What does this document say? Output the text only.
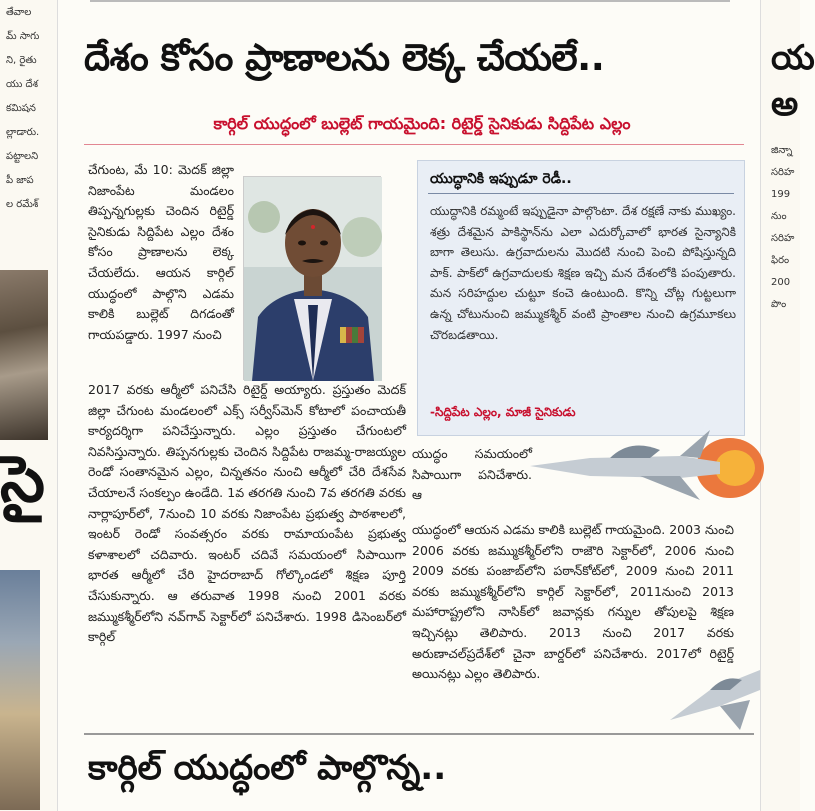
తేవాల
మ్ సాగు
ని, రైతు
యు దేశ
కమిషన
ల్లాడారు.
పట్టాలని
పీ జాప
ల రమేశ్
సై
య
అ
జిన్నా
సరిహ
199
నుం
సరిహ
ఫిరం
200
పొం
దేశం కోసం ప్రాణాలను లెక్క చేయలే..
కార్గిల్ యుద్ధంలో బుల్లెట్ గాయమైంది: రిటైర్డ్ సైనికుడు సిద్దిపేట ఎల్లం
చేగుంట, మే 10: మెదక్ జిల్లా నిజాంపేట మండలం తిప్పన్నగుల్లకు చెందిన రిటైర్డ్ సైనికుడు సిద్దిపేట ఎల్లం దేశం కోసం ప్రాణాలను లెక్క చేయలేదు. ఆయన కార్గిల్ యుద్ధంలో పాల్గొని ఎడమ కాలికి బుల్లెట్ దిగడంతో గాయపడ్డారు. 1997 నుంచి
2017 వరకు ఆర్మీలో పనిచేసి రిటైర్డ్ అయ్యారు. ప్రస్తుతం మెదక్ జిల్లా చేగుంట మండలంలో ఎక్స్ సర్వీస్‌మెన్ కోటాలో పంచాయతీ కార్యదర్శిగా పనిచేస్తున్నారు. ఎల్లం ప్రస్తుతం చేగుంటలో నివసిస్తున్నారు. తిప్పనగుల్లకు చెందిన సిద్దిపేట రాజమ్మ-రాజయ్యల రెండో సంతానమైన ఎల్లం, చిన్నతనం నుంచి ఆర్మీలో చేరి దేశసేవ చేయాలనే సంకల్పం ఉండేది. 1వ తరగతి నుంచి 7వ తరగతి వరకు నార్లాపూర్‌లో, 7నుంచి 10 వరకు నిజాంపేట ప్రభుత్వ పాఠశాలలో, ఇంటర్ రెండో సంవత్సరం వరకు రామాయంపేట ప్రభుత్వ కళాశాలలో చదివారు. ఇంటర్ చదివే సమయంలో సిపాయిగా భారత ఆర్మీలో చేరి హైదరాబాద్ గోల్కొండలో శిక్షణ పూర్తి చేసుకున్నారు. ఆ తరువాత 1998 నుంచి 2001 వరకు జమ్ముకశ్మీర్‌లోని నవ్‌గావ్ సెక్టార్‌లో పనిచేశారు. 1998 డిసెంబర్‌లో కార్గిల్
యుద్ధానికి ఇప్పుడూ రెడీ..
యుద్ధానికి రమ్మంటే ఇప్పుడైనా పాల్గొంటా. దేశ రక్షణే నాకు ముఖ్యం. శత్రు దేశమైన పాకిస్థాన్‌ను ఎలా ఎదుర్కోవాలో భారత సైన్యానికి బాగా తెలుసు. ఉగ్రవాదులను మొదటి నుంచి పెంచి పోషిస్తున్నది పాక్. పాక్‌లో ఉగ్రవాదులకు శిక్షణ ఇచ్చి మన దేశంలోకి పంపుతారు. మన సరిహద్దుల చుట్టూ కంచె ఉంటుంది. కొన్ని చోట్ల గుట్టలుగా ఉన్న చోటునుంచి జమ్ముకశ్మీర్ వంటి ప్రాంతాల నుంచి ఉగ్రమూకలు చొరబడతాయి.
-సిద్దిపేట ఎల్లం, మాజీ సైనికుడు
యుద్ధం సమయంలో సిపాయిగా పనిచేశారు. ఆ
యుద్ధంలో ఆయన ఎడమ కాలికి బుల్లెట్ గాయమైంది. 2003 నుంచి 2006 వరకు జమ్ముకశ్మీర్‌లోని రాజౌరి సెక్టార్‌లో, 2006 నుంచి 2009 వరకు పంజాబ్‌లోని పఠాన్‌కోట్‌లో, 2009 నుంచి 2011 వరకు జమ్ముకశ్మీర్‌లోని కార్గిల్ సెక్టార్‌లో, 2011నుంచి 2013 మహారాష్ట్రలోని నాసిక్‌లో జవాన్లకు గన్నుల తోపులపై శిక్షణ ఇచ్చినట్లు తెలిపారు. 2013 నుంచి 2017 వరకు అరుణాచల్‌ప్రదేశ్‌లో చైనా బార్డర్‌లో పనిచేశారు. 2017లో రిటైర్డ్ అయినట్లు ఎల్లం తెలిపారు.
కార్గిల్ యుద్ధంలో పాల్గొన్న..
